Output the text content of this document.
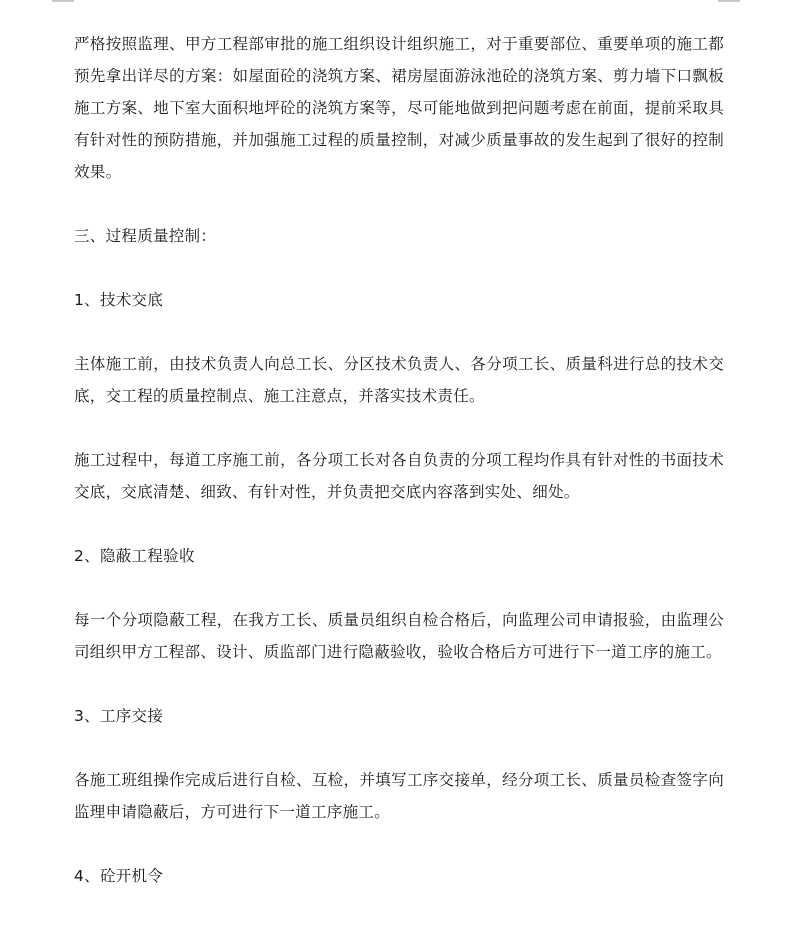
严格按照监理、甲方工程部审批的施工组织设计组织施工，对于重要部位、重要单项的施工都预先拿出详尽的方案：如屋面砼的浇筑方案、裙房屋面游泳池砼的浇筑方案、剪力墙下口飘板施工方案、地下室大面积地坪砼的浇筑方案等，尽可能地做到把问题考虑在前面，提前采取具有针对性的预防措施，并加强施工过程的质量控制，对减少质量事故的发生起到了很好的控制效果。

三、过程质量控制：

1、技术交底

主体施工前，由技术负责人向总工长、分区技术负责人、各分项工长、质量科进行总的技术交底，交工程的质量控制点、施工注意点，并落实技术责任。

施工过程中，每道工序施工前，各分项工长对各自负责的分项工程均作具有针对性的书面技术交底，交底清楚、细致、有针对性，并负责把交底内容落到实处、细处。

2、隐蔽工程验收

每一个分项隐蔽工程，在我方工长、质量员组织自检合格后，向监理公司申请报验，由监理公司组织甲方工程部、设计、质监部门进行隐蔽验收，验收合格后方可进行下一道工序的施工。

3、工序交接

各施工班组操作完成后进行自检、互检，并填写工序交接单，经分项工长、质量员检查签字向监理申请隐蔽后，方可进行下一道工序施工。

4、砼开机令
